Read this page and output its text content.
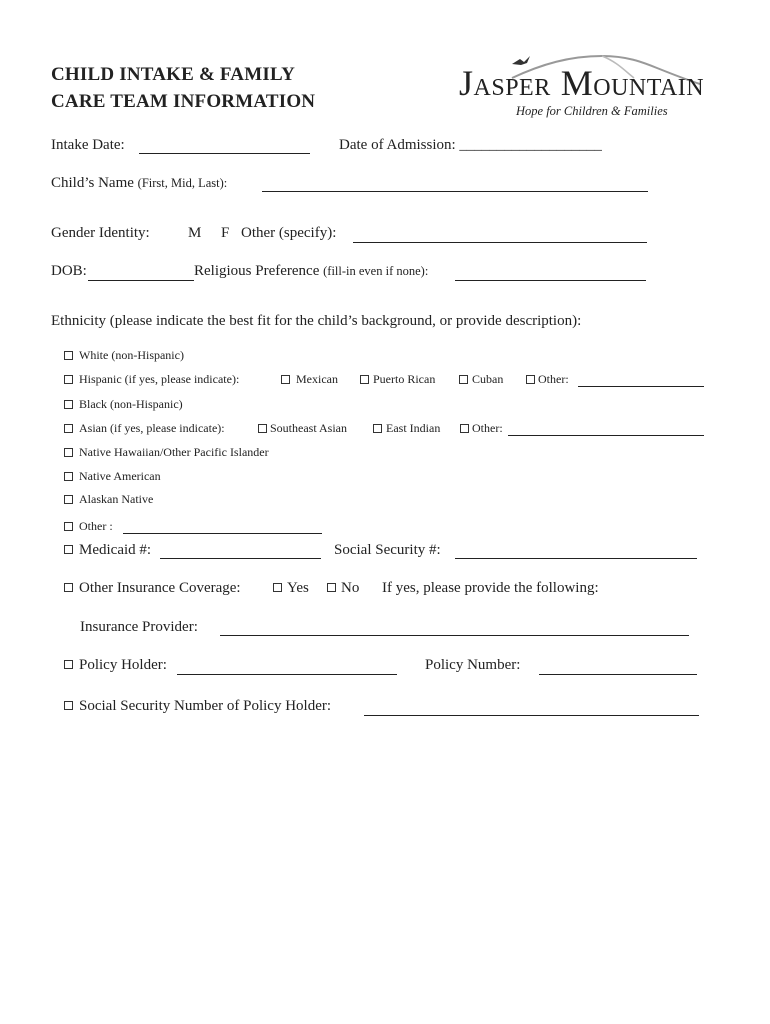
CHILD INTAKE & FAMILY
CARE TEAM INFORMATION	JASPER MOUNTAIN
Hope for Children & Families
Intake Date:	Date of Admission: ___________________
Child’s Name (First, Mid, Last):
Gender Identity:	M F Other (specify):
DOB:	Religious Preference (fill-in even if none):
Ethnicity (please indicate the best fit for the child’s background, or provide description):
White (non-Hispanic)
Hispanic (if yes, please indicate):	Mexican	Puerto Rican	Cuban	Other:
Black (non-Hispanic)
Asian (if yes, please indicate):	Southeast Asian	East Indian	Other:
Native Hawaiian/Other Pacific Islander
Native American
Alaskan Native
Other :
Medicaid #:	Social Security #:
Other Insurance Coverage:	Yes	No If yes, please provide the following:
Insurance Provider:
Policy Holder:	Policy Number:
Social Security Number of Policy Holder:
